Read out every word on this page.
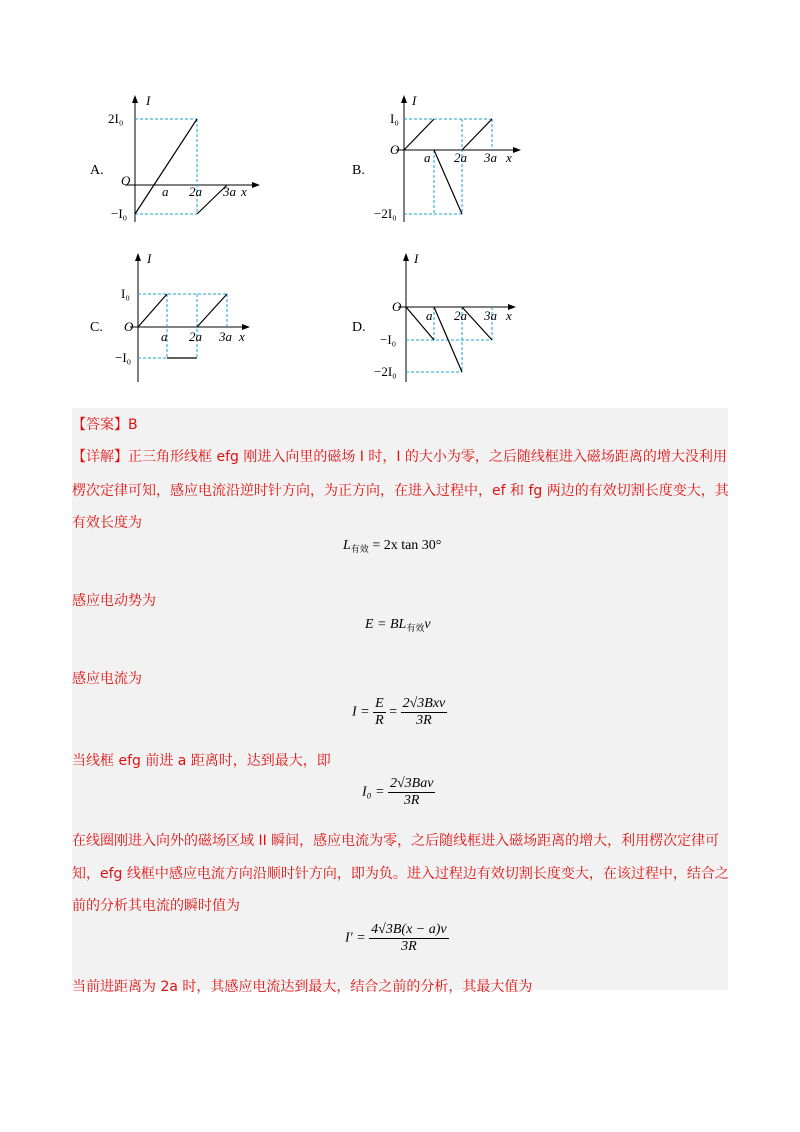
A.
I
2I₀
O
−I₀
a 2a 3a x
B.
I
I₀
O
−2I₀
a 2a 3a x
C.
I
I₀
O
−I₀
a 2a 3a x
D.
I
O
−I₀
−2I₀
a 2a 3a x
【答案】B
【详解】正三角形线框 efg 刚进入向里的磁场 I 时，I 的大小为零，之后随线框进入磁场距离的增大没利用
楞次定律可知，感应电流沿逆时针方向，为正方向，在进入过程中，ef 和 fg 两边的有效切割长度变大，其
有效长度为
$L_{有效} = 2x$ tan 30°
感应电动势为
$E = BL_{有效}v$
感应电流为
$I = \frac{E}{R} = \frac{\text{2√3Bxv}}{3R}$
当线框 efg 前进 a 距离时，达到最大，即
$I_0 = \frac{\text{2√3Bav}}{3R}$
在线圈刚进入向外的磁场区域 II 瞬间，感应电流为零，之后随线框进入磁场距离的增大，利用楞次定律可
知，efg 线框中感应电流方向沿顺时针方向，即为负。进入过程边有效切割长度变大，在该过程中，结合之
前的分析其电流的瞬时值为
$I' = \frac{4√3B(x - a)v}{3R}$
当前进距离为 2a 时，其感应电流达到最大，结合之前的分析，其最大值为
